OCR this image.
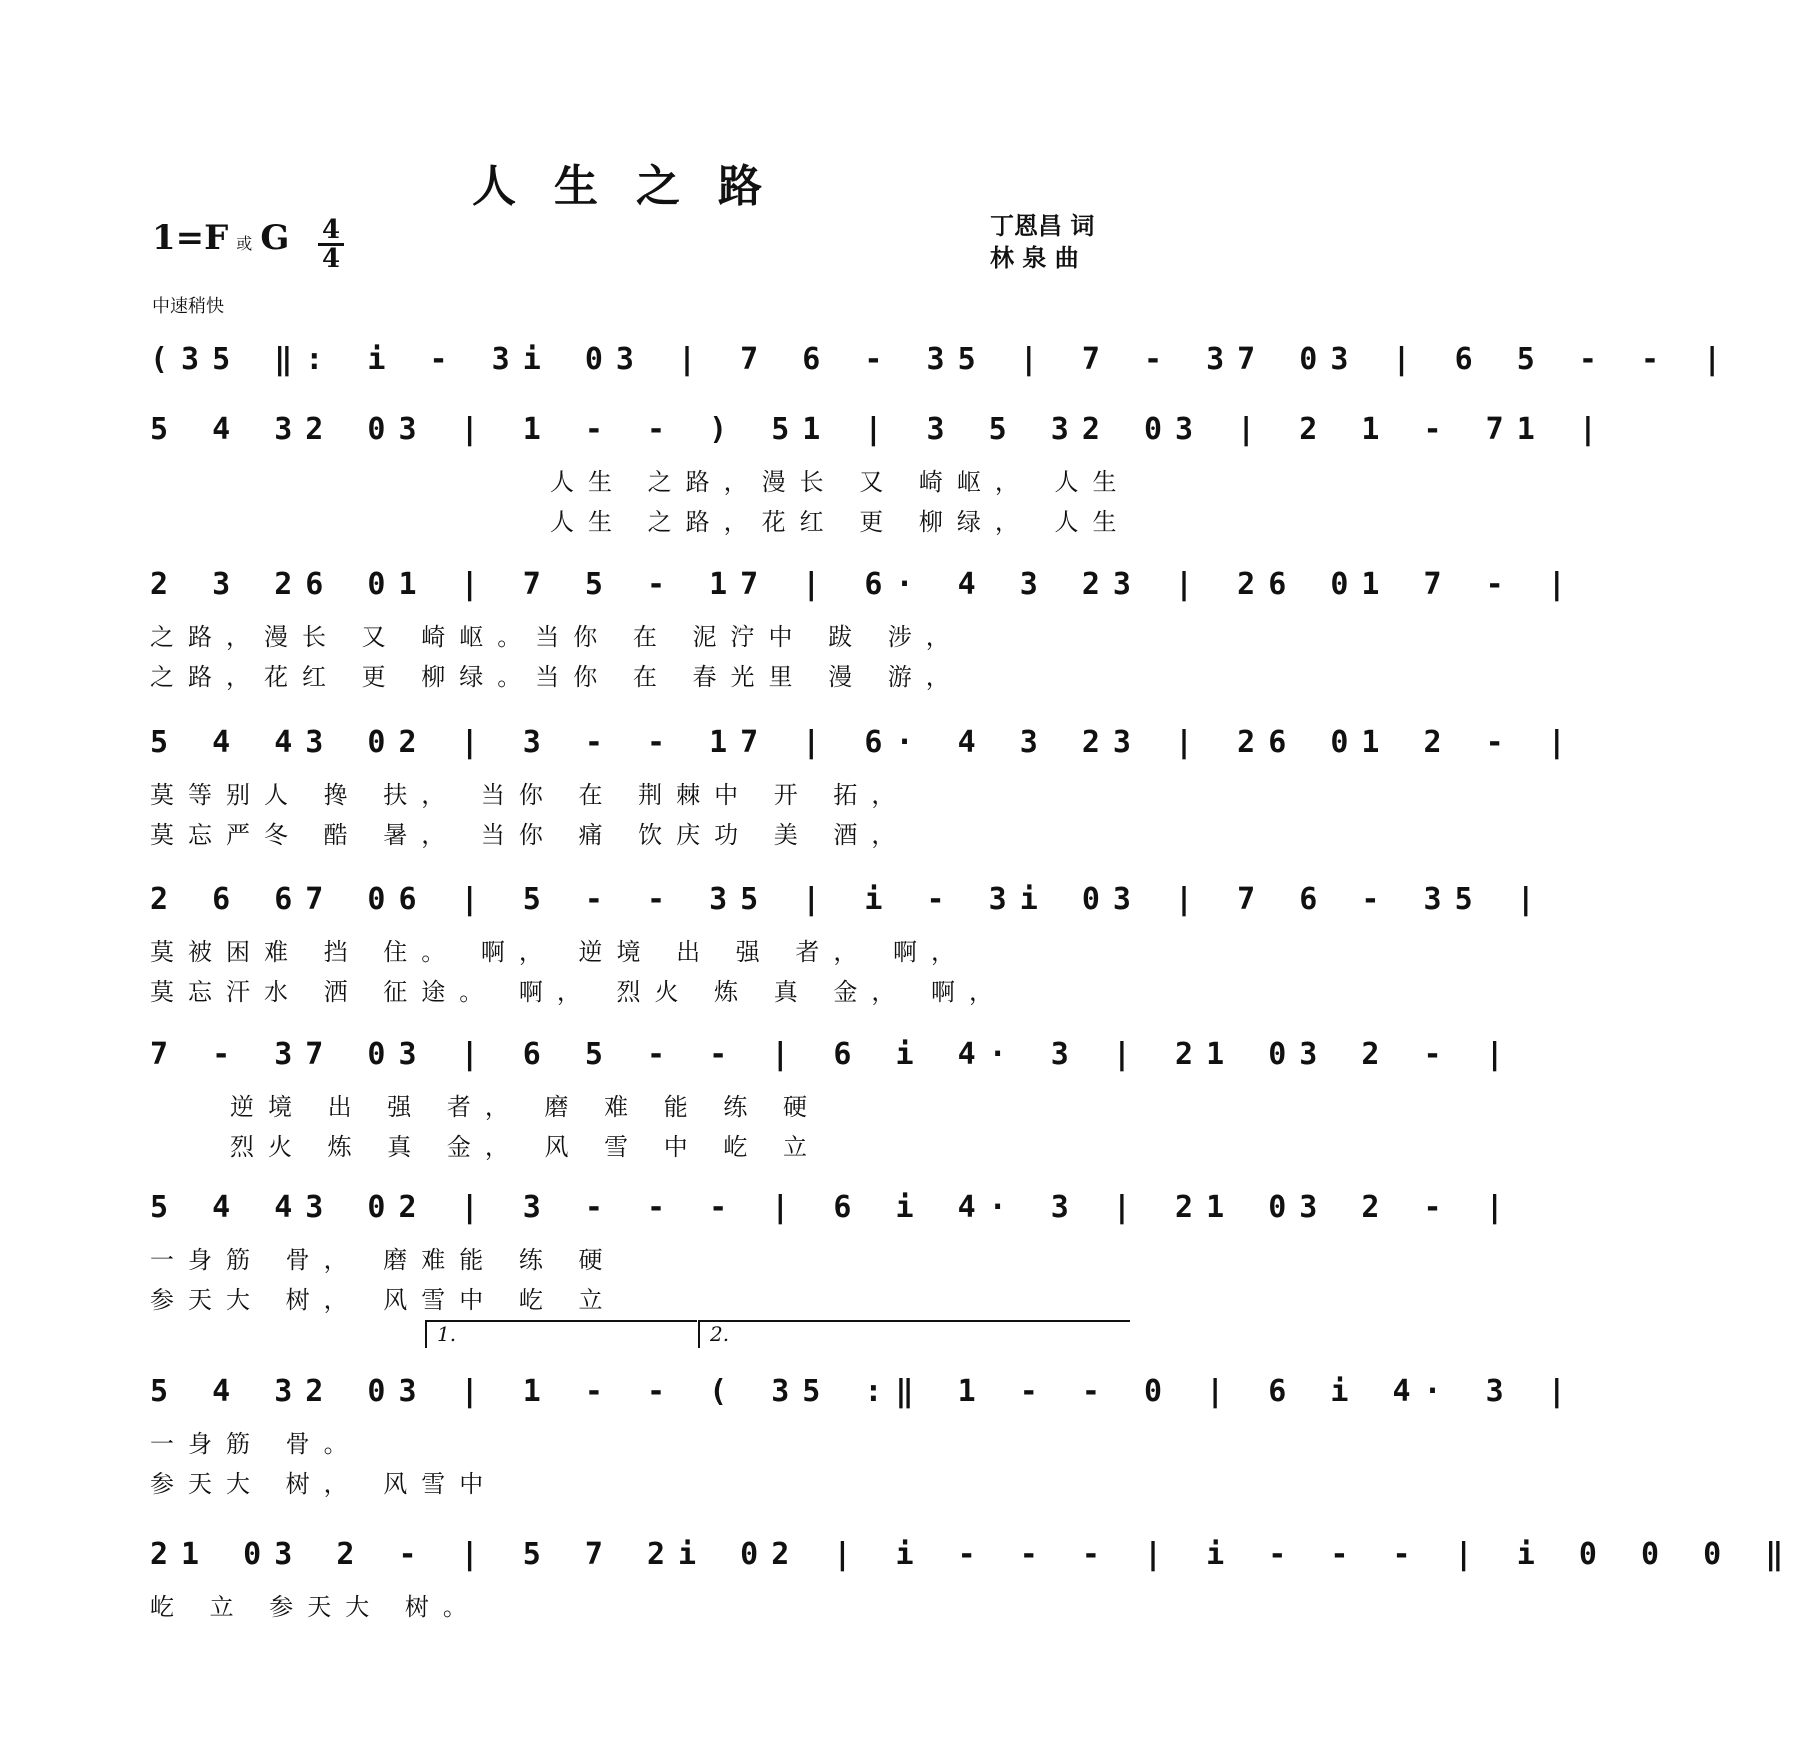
人生之路
1=F 或 G 4
4
丁恩昌 词
林 泉 曲
中速稍快
(35 ‖: i - 3i 03 | 7 6 - 35 | 7 - 37 03 | 6 5 - - |
5 4 32 03 | 1 - - ) 51 | 3 5 32 03 | 2 1 - 71 |
人生 之路，漫长 又 崎岖， 人生
人生 之路，花红 更 柳绿， 人生
2 3 26 01 | 7 5 - 17 | 6· 4 3 23 | 26 01 7 - |
之路，漫长 又 崎岖。当你 在 泥泞中 跋 涉，
之路，花红 更 柳绿。当你 在 春光里 漫 游，
5 4 43 02 | 3 - - 17 | 6· 4 3 23 | 26 01 2 - |
莫等别人 搀 扶， 当你 在 荆棘中 开 拓，
莫忘严冬 酷 暑， 当你 痛 饮庆功 美 酒，
2 6 67 06 | 5 - - 35 | i - 3i 03 | 7 6 - 35 |
莫被困难 挡 住。 啊， 逆境 出 强 者， 啊，
莫忘汗水 洒 征途。 啊， 烈火 炼 真 金， 啊，
7 - 37 03 | 6 5 - - | 6 i 4· 3 | 21 03 2 - |
逆境 出 强 者， 磨 难 能 练 硬
烈火 炼 真 金， 风 雪 中 屹 立
5 4 43 02 | 3 - - - | 6 i 4· 3 | 21 03 2 - |
一身筋 骨， 磨难能 练 硬
参天大 树， 风雪中 屹 立
1.	2.
5 4 32 03 | 1 - - ( 35 :‖ 1 - - 0 | 6 i 4· 3 |
一身筋 骨。
参天大 树， 风雪中
21 03 2 - | 5 7 2i 02 | i - - - | i - - - | i 0 0 0 ‖
屹 立 参天大 树。
